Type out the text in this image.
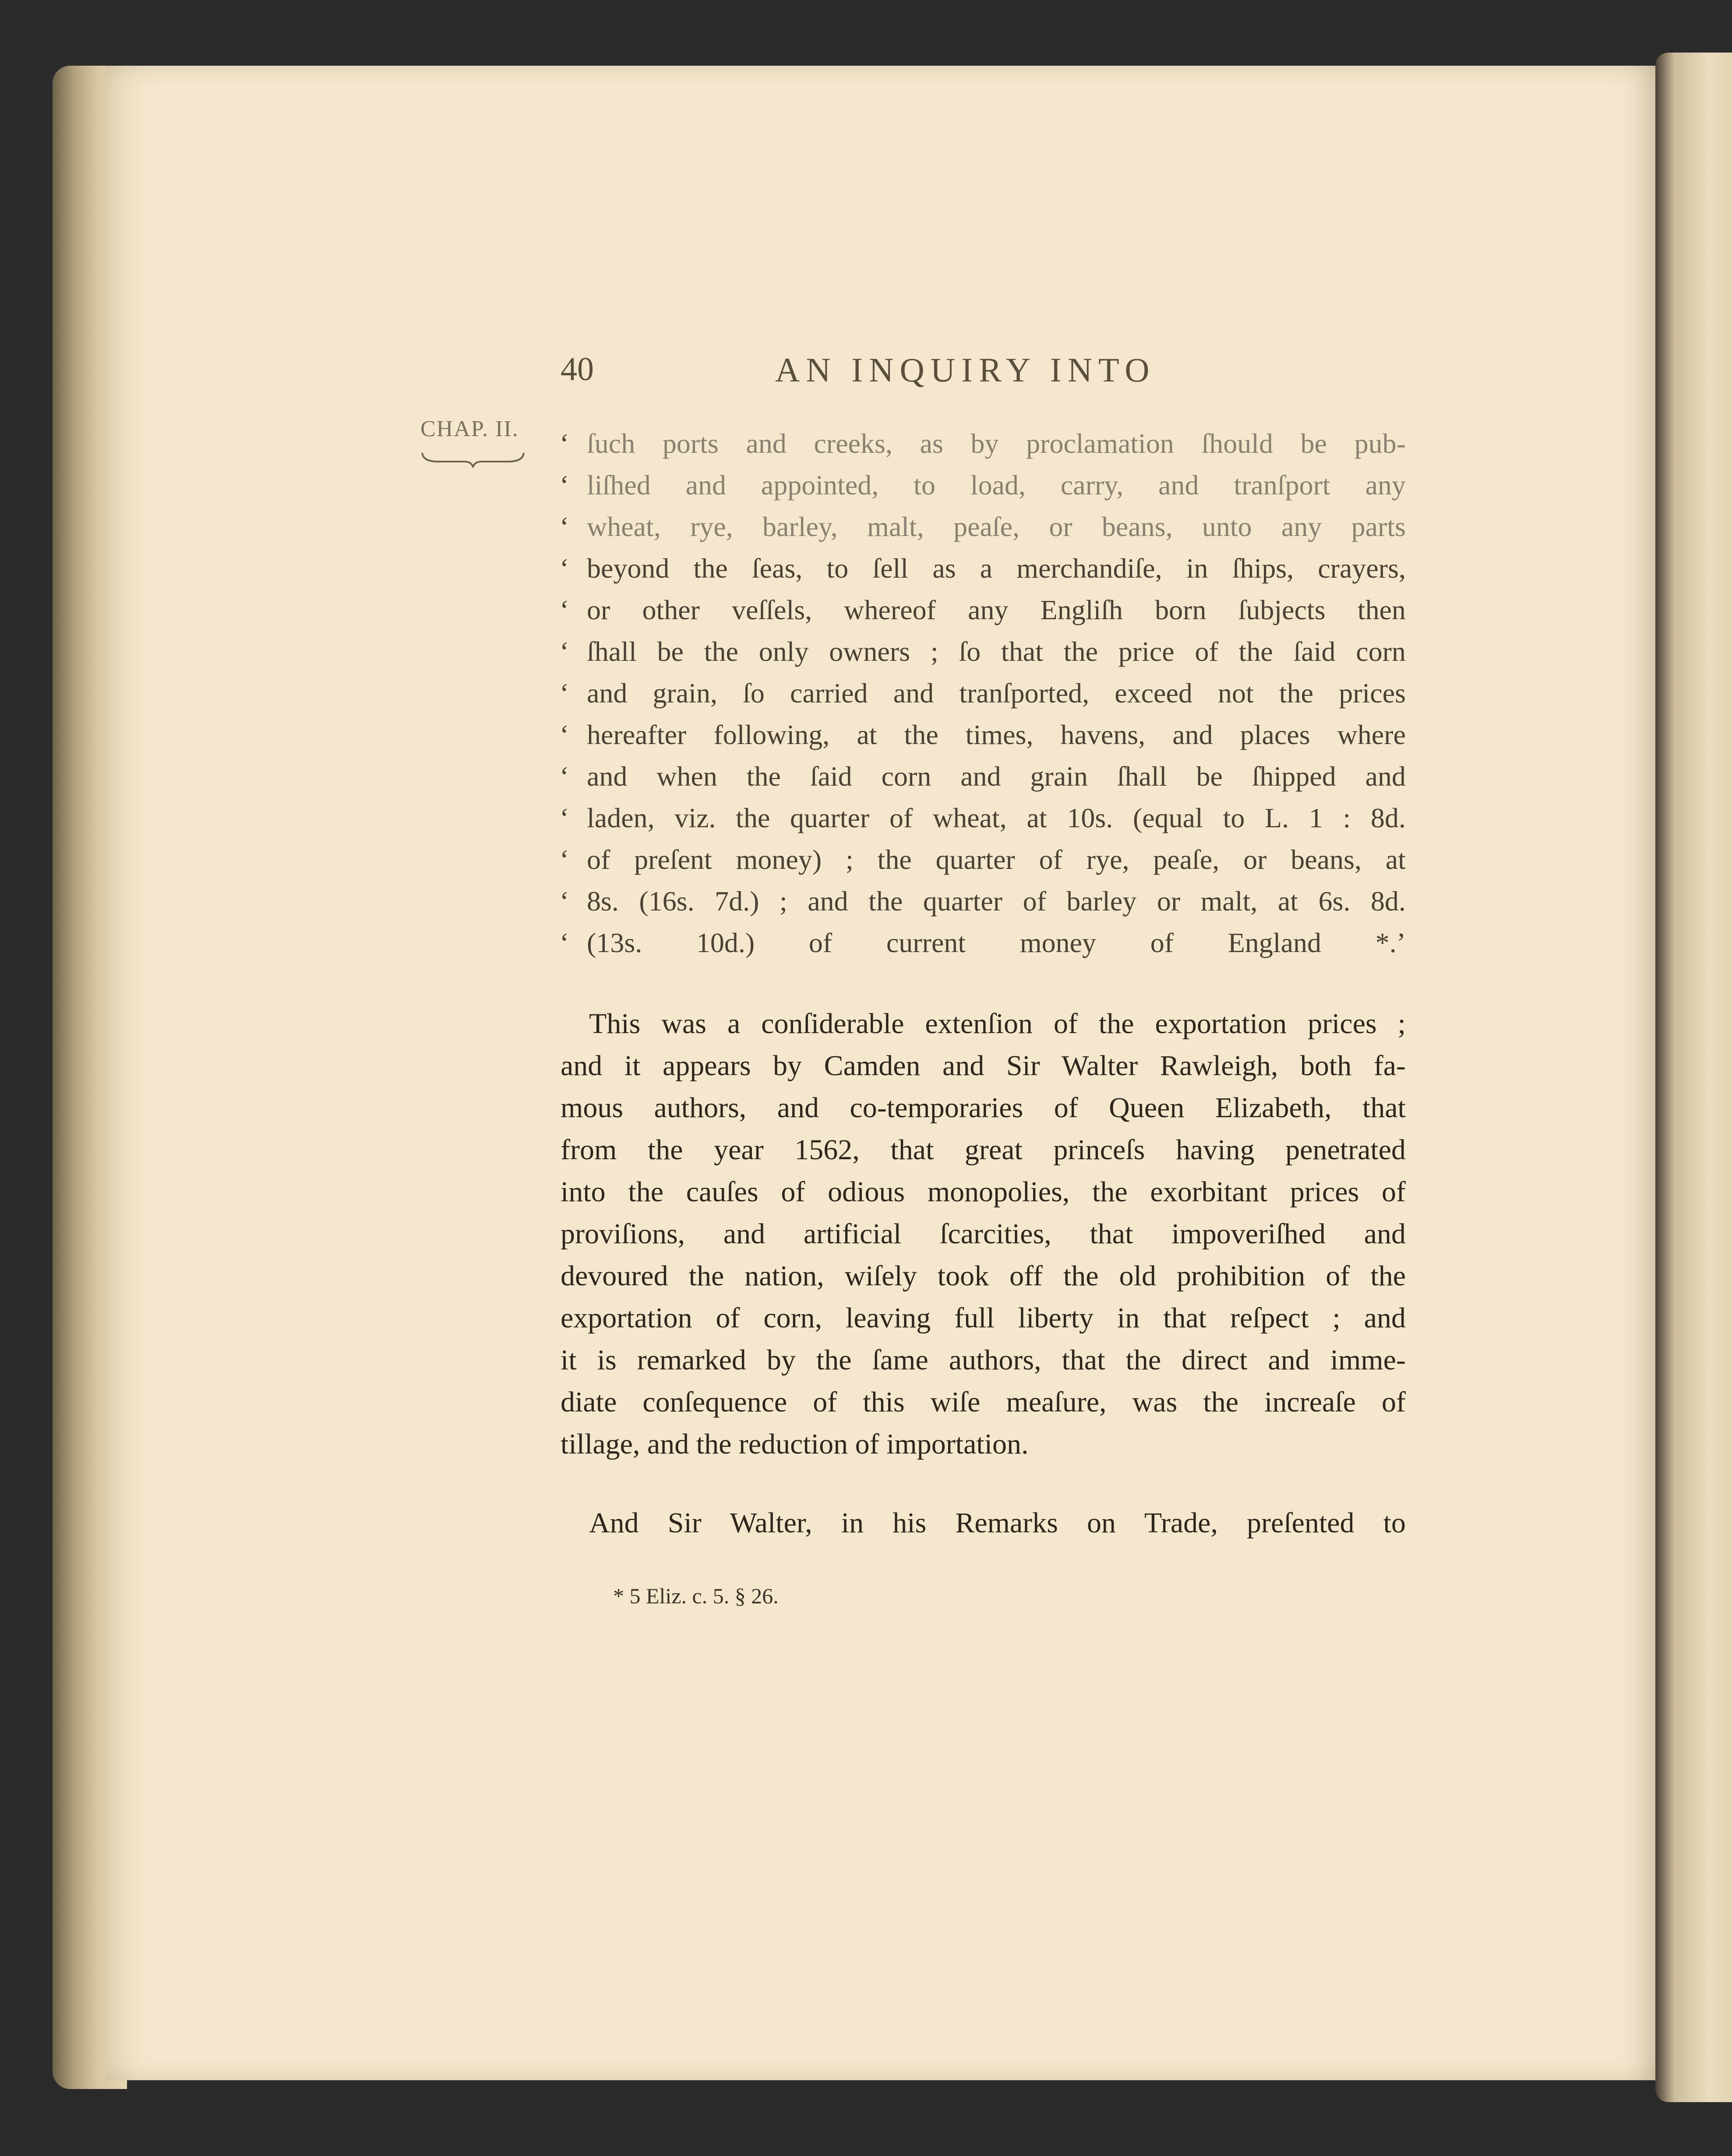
40	AN INQUIRY INTO
CHAP. II. ‘ ſuch ports and creeks, as by proclamation ſhould be pub-
‘ liſhed and appointed, to load, carry, and tranſport any
‘ wheat, rye, barley, malt, peaſe, or beans, unto any parts
‘ beyond the ſeas, to ſell as a merchandiſe, in ſhips, crayers,
‘ or other veſſels, whereof any Engliſh born ſubjects then
‘ ſhall be the only owners ; ſo that the price of the ſaid corn
‘ and grain, ſo carried and tranſported, exceed not the prices
‘ hereafter following, at the times, havens, and places where
‘ and when the ſaid corn and grain ſhall be ſhipped and
‘ laden, viz. the quarter of wheat, at 10s. (equal to L. 1 : 8d.
‘ of preſent money) ; the quarter of rye, peaſe, or beans, at
‘ 8s. (16s. 7d.) ; and the quarter of barley or malt, at 6s. 8d.
‘ (13s. 10d.) of current money of England *.’
This was a conſiderable extenſion of the exportation prices ;
and it appears by Camden and Sir Walter Rawleigh, both fa-
mous authors, and co-temporaries of Queen Elizabeth, that
from the year 1562, that great princeſs having penetrated
into the cauſes of odious monopolies, the exorbitant prices of
proviſions, and artificial ſcarcities, that impoveriſhed and
devoured the nation, wiſely took off the old prohibition of the
exportation of corn, leaving full liberty in that reſpect ; and
it is remarked by the ſame authors, that the direct and imme-
diate conſequence of this wiſe meaſure, was the increaſe of
tillage, and the reduction of importation.
And Sir Walter, in his Remarks on Trade, preſented to
* 5 Eliz. c. 5. § 26.
